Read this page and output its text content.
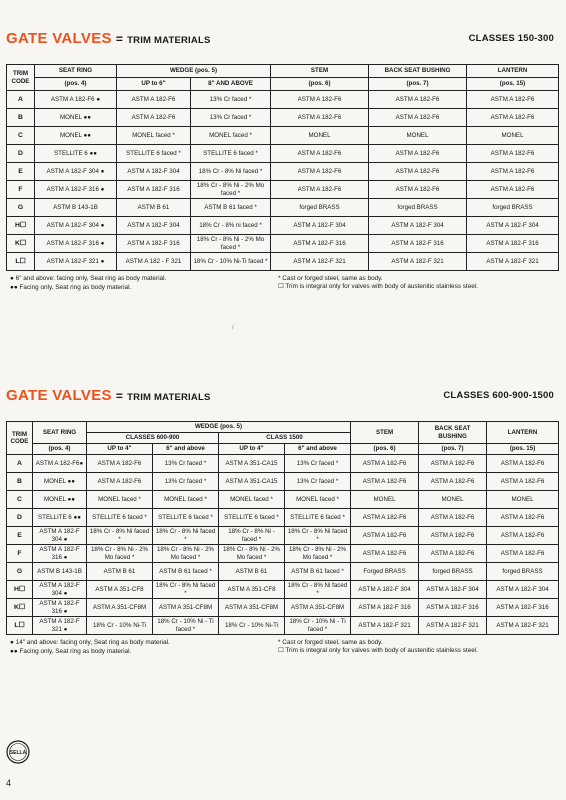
GATE VALVES = TRIM MATERIALS	CLASSES 150-300
TRIM CODE	SEAT RING	WEDGE (pos. 5)		STEM	BACK SEAT BUSHING	LANTERN
	(pos. 4)	UP to 6"	8" AND ABOVE	(pos. 6)	(pos. 7)	(pos. 15)
A	ASTM A 182-F6 ●	ASTM A 182-F6	13% Cr faced *	ASTM A 182-F6	ASTM A 182-F6	ASTM A 182-F6
B	MONEL ●●	ASTM A 182-F6	13% Cr faced *	ASTM A 182-F6	ASTM A 182-F6	ASTM A 182-F6
C	MONEL ●●	MONEL faced *	MONEL faced *	MONEL	MONEL	MONEL
D	STELLITE 6 ●●	STELLITE 6 faced *	STELLITE 6 faced *	ASTM A 182-F6	ASTM A 182-F6	ASTM A 182-F6
E	ASTM A 182-F 304 ●	ASTM A 182-F 304	18% Cr - 8% Ni faced *	ASTM A 182-F6	ASTM A 182-F6	ASTM A 182-F6
F	ASTM A 182-F 316 ●	ASTM A 182-F 316	18% Cr - 8% Ni - 2% Mo faced *	ASTM A 182-F6	ASTM A 182-F6	ASTM A 182-F6
G	ASTM B 143-1B	ASTM B 61	ASTM B 61 faced *	forged BRASS	forged BRASS	forged BRASS
H☐	ASTM A 182-F 304 ●	ASTM A 182-F 304	18% Cr - 8% ni faced *	ASTM A 182-F 304	ASTM A 182-F 304	ASTM A 182-F 304
K☐	ASTM A 182-F 316 ●	ASTM A 182-F 316	18% Cr - 8% Ni - 2% Mo faced *	ASTM A 182-F 316	ASTM A 182-F 316	ASTM A 182-F 316
L☐	ASTM A 182-F 321 ●	ASTM A 182 - F 321	18% Cr - 10% Ni-Ti faced *	ASTM A 182-F 321	ASTM A 182-F 321	ASTM A 182-F 321
● 6" and above: facing only, Seat ring as body material.
●● Facing only, Seat ring as body material.
* Cast or forged steel, same as body.
☐ Trim is integral only for valves with body of austenitic stainless steel.
/
GATE VALVES = TRIM MATERIALS	CLASSES 600-900-1500
TRIM CODE	SEAT RING	WEDGE (pos. 5)				STEM	BACK SEAT BUSHING	LANTERN
		CLASSES 600-900		CLASS 1500				
	(pos. 4)	UP to 4"	6" and above	UP to 4"	6" and above	(pos. 6)	(pos. 7)	(pos. 15)
A	ASTM A 182-F6●	ASTM A 182-F6	13% Cr faced *	ASTM A 351-CA15	13% Cr faced *	ASTM A 182-F6	ASTM A 182-F6	ASTM A 182-F6
B	MONEL ●●	ASTM A 182-F6	13% Cr faced *	ASTM A 351-CA15	13% Cr faced *	ASTM A 182-F6	ASTM A 182-F6	ASTM A 182-F6
C	MONEL ●●	MONEL faced *	MONEL faced *	MONEL faced *	MONEL faced *	MONEL	MONEL	MONEL
D	STELLITE 6 ●●	STELLITE 6 faced *	STELLITE 6 faced *	STELLITE 6 faced *	STELLITE 6 faced *	ASTM A 182-F6	ASTM A 182-F6	ASTM A 182-F6
E	ASTM A 182-F 304 ●	18% Cr - 8% Ni faced *	18% Cr - 8% Ni faced *	18% Cr - 8% Ni - faced *	18% Cr - 8% Ni faced *	ASTM A 182-F6	ASTM A 182-F6	ASTM A 182-F6
F	ASTM A 182-F 316 ●	18% Cr - 8% Ni - 2% Mo faced *	18% Cr - 8% Ni - 2% Mo faced *	18% Cr - 8% Ni - 2% Mo faced *	18% Cr - 8% Ni - 2% Mo faced *	ASTM A 182-F6	ASTM A 182-F6	ASTM A 182-F6
G	ASTM B 143-1B	ASTM B 61	ASTM B 61 faced *	ASTM B 61	ASTM B 61 faced *	Forged BRASS	forged BRASS	forged BRASS
H☐	ASTM A 182-F 304 ●	ASTM A 351-CF8	18% Cr - 8% Ni faced *	ASTM A 351-CF8	18% Cr - 8% Ni faced *	ASTM A 182-F 304	ASTM A 182-F 304	ASTM A 182-F 304
K☐	ASTM A 182-F 316 ●	ASTM A 351-CF8M	ASTM A 351-CF8M	ASTM A 351-CF8M	ASTM A 351-CF8M	ASTM A 182-F 316	ASTM A 182-F 316	ASTM A 182-F 316
L☐	ASTM A 182-F 321 ●	18% Cr - 10% Ni-Ti	18% Cr - 10% Ni - Ti faced *	18% Cr - 10% Ni-Ti	18% Cr - 10% Ni - Ti faced *	ASTM A 182-F 321	ASTM A 182-F 321	ASTM A 182-F 321
● 14" and above: facing only, Seat ring as body material.
●● Facing only, Seat ring as body material.
* Cast or forged steel, same as body.
☐ Trim is integral only for valves with body of austenitic stainless steel.
SELLA
4
